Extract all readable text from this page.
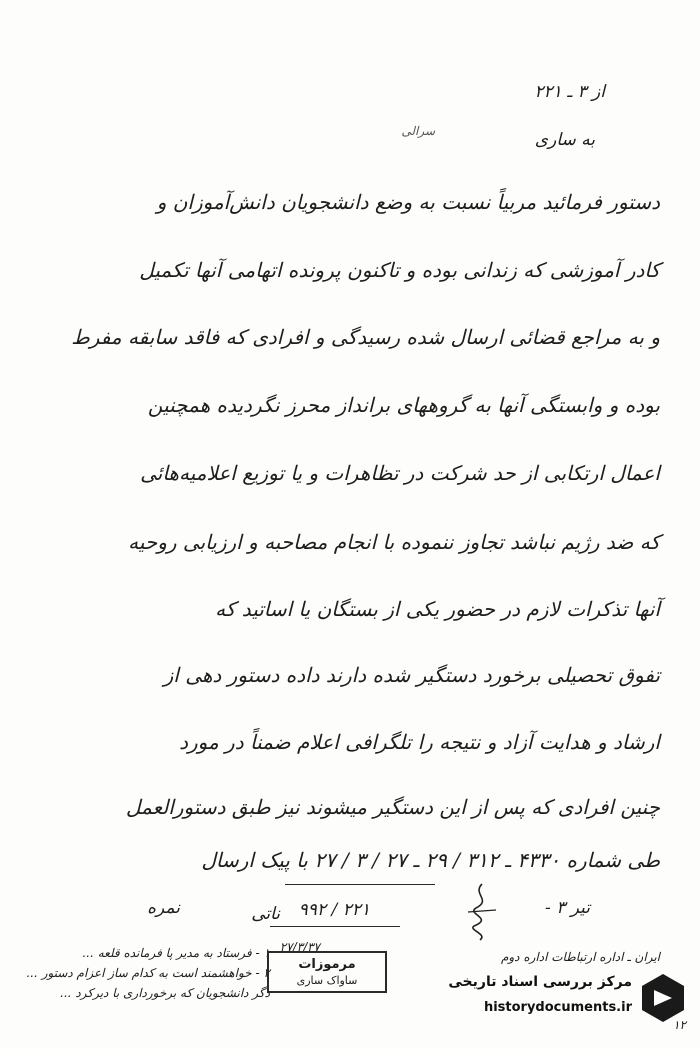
از ۳ ـ ۲۲۱
به ساری
سرالی
دستور فرمائید مربیاً نسبت به وضع دانشجویان دانش‌آموزان و
کادر آموزشی که زندانی بوده و تاکنون پرونده اتهامی آنها تکمیل
و به مراجع قضائی ارسال شده رسیدگی و افرادی که فاقد سابقه مفرط
بوده و وابستگی آنها به گروههای برانداز محرز نگردیده همچنین
اعمال ارتکابی از حد شرکت در تظاهرات و یا توزیع اعلامیه‌هائی
که ضد رژیم نباشد تجاوز ننموده با انجام مصاحبه و ارزیابی روحیه
آنها تذکرات لازم در حضور یکی از بستگان یا اساتید که
تفوق تحصیلی برخورد دستگیر شده دارند داده دستور دهی از
ارشاد و هدایت آزاد و نتیجه را تلگرافی اعلام ضمناً در مورد
چنین افرادی که پس از این دستگیر میشوند نیز طبق دستورالعمل
طی شماره ۴۳۳۰ ـ ۳۱۲ / ۲۹ ـ ۲۷ / ۳ / ۲۷ با پیک ارسال
۲۲۱ / ۹۹۲
ناتی
نمره
۲۷/۳/۳۷
تیر ۳ -
۱ - فرستاد به مدیر پا فرمانده قلعه ...
۲ - خواهشمند است به کدام ساز اعزام دستور ...
دگر دانشجویان که برخورداری با دیرکرد ...
ایران ـ اداره ارتباطات اداره دوم
۱۲
مرموزات
ساواک ساری	مرکز بررسی اسناد تاریخی
historydocuments.ir
